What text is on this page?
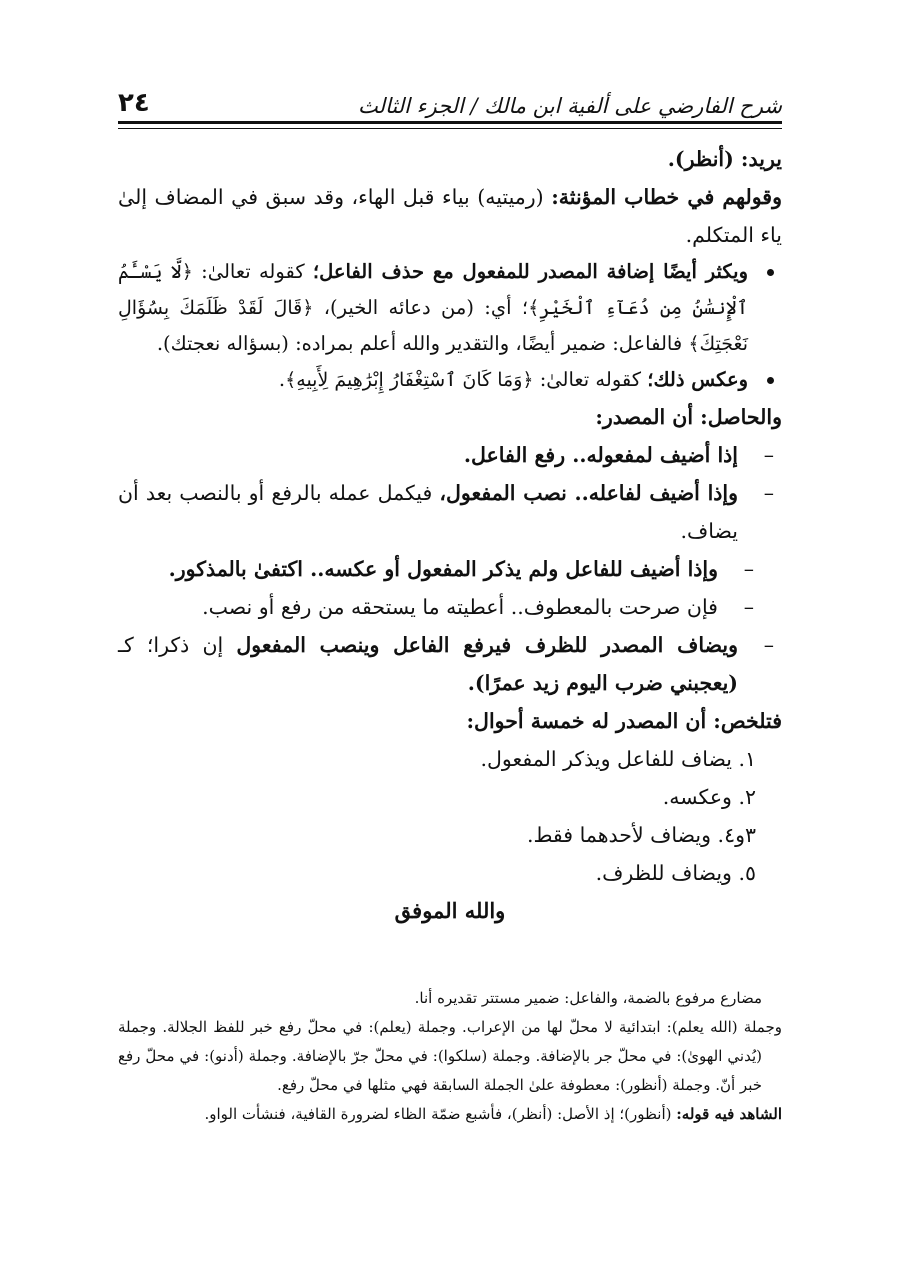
شرح الفارضي على ألفية ابن مالك / الجزء الثالث
٢٤

يريد: (أنظر).

وقولهم في خطاب المؤنثة: (رميتيه) بياء قبل الهاء، وقد سبق في المضاف إلىٰ ياء المتكلم.

ويكثر أيضًا إضافة المصدر للمفعول مع حذف الفاعل؛ كقوله تعالىٰ: ﴿لَّا يَسْـَٔمُ ٱلْإِنسَٰنُ مِن دُعَآءِ ٱلْخَيْرِ﴾؛ أي: (من دعائه الخير)، ﴿قَالَ لَقَدْ ظَلَمَكَ بِسُؤَالِ نَعْجَتِكَ﴾ فالفاعل: ضمير أيضًا، والتقدير والله أعلم بمراده: (بسؤاله نعجتك).
وعكس ذلك؛ كقوله تعالىٰ: ﴿وَمَا كَانَ ٱسْتِغْفَارُ إِبْرَٰهِيمَ لِأَبِيهِ﴾.

والحاصل: أن المصدر:

–
إذا أضيف لمفعوله.. رفع الفاعل.
–
وإذا أضيف لفاعله.. نصب المفعول، فيكمل عمله بالرفع أو بالنصب بعد أن يضاف.
–
وإذا أضيف للفاعل ولم يذكر المفعول أو عكسه.. اكتفىٰ بالمذكور.
–
فإن صرحت بالمعطوف.. أعطيته ما يستحقه من رفع أو نصب.
–
ويضاف المصدر للظرف فيرفع الفاعل وينصب المفعول إن ذكرا؛ كـ (يعجبني ضرب اليوم زيد عمرًا).

فتلخص: أن المصدر له خمسة أحوال:

١. يضاف للفاعل ويذكر المفعول.
٢. وعكسه.
٣و٤. ويضاف لأحدهما فقط.
٥. ويضاف للظرف.

والله الموفق

مضارع مرفوع بالضمة، والفاعل: ضمير مستتر تقديره أنا.

وجملة (الله يعلم): ابتدائية لا محلّ لها من الإعراب. وجملة (يعلم): في محلّ رفع خبر للفظ الجلالة. وجملة (يُدني الهوىٰ): في محلّ جر بالإضافة. وجملة (سلكوا): في محلّ جرّ بالإضافة. وجملة (أدنو): في محلّ رفع خبر أنّ. وجملة (أنظور): معطوفة علىٰ الجملة السابقة فهي مثلها في محلّ رفع.

الشاهد فيه قوله: (أنظور)؛ إذ الأصل: (أنظر)، فأشبع ضمّة الظاء لضرورة القافية، فنشأت الواو.
